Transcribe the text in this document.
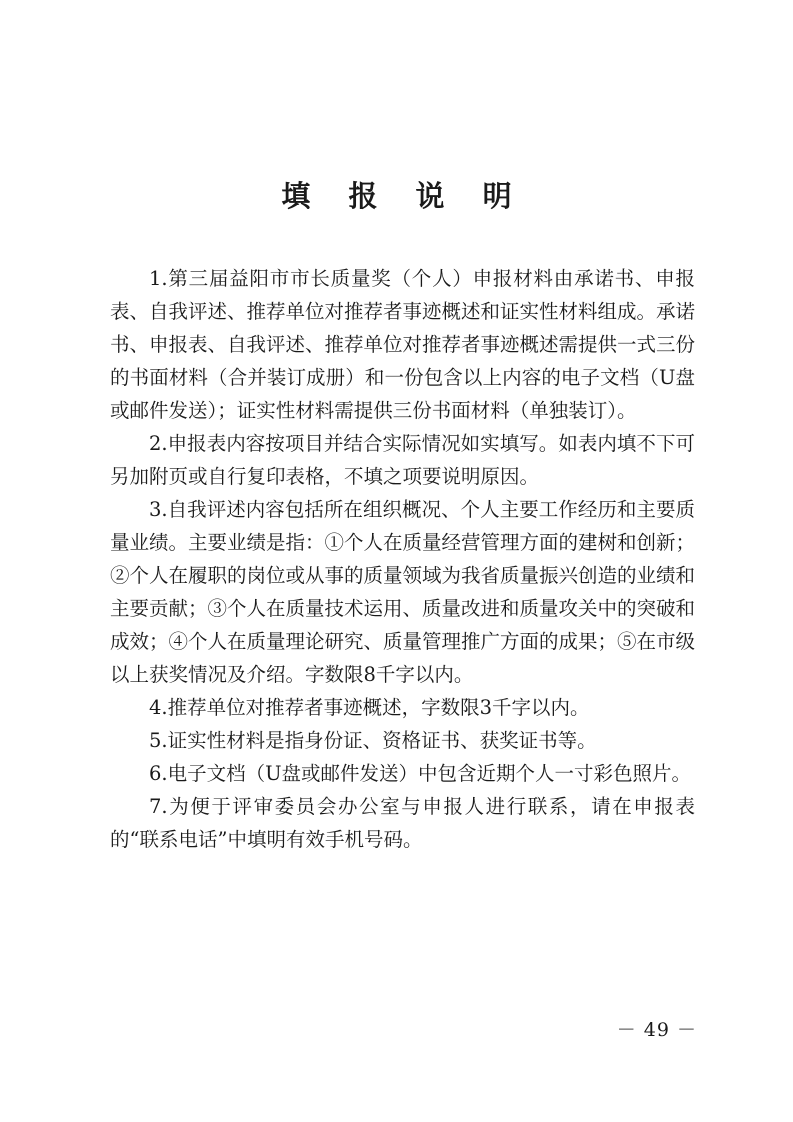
填 报 说 明

1.第三届益阳市市长质量奖（个人）申报材料由承诺书、申报表、自我评述、推荐单位对推荐者事迹概述和证实性材料组成。承诺书、申报表、自我评述、推荐单位对推荐者事迹概述需提供一式三份的书面材料（合并装订成册）和一份包含以上内容的电子文档（U盘或邮件发送）；证实性材料需提供三份书面材料（单独装订）。

2.申报表内容按项目并结合实际情况如实填写。如表内填不下可另加附页或自行复印表格，不填之项要说明原因。

3.自我评述内容包括所在组织概况、个人主要工作经历和主要质量业绩。主要业绩是指：①个人在质量经营管理方面的建树和创新；②个人在履职的岗位或从事的质量领域为我省质量振兴创造的业绩和主要贡献；③个人在质量技术运用、质量改进和质量攻关中的突破和成效；④个人在质量理论研究、质量管理推广方面的成果；⑤在市级以上获奖情况及介绍。字数限8千字以内。

4.推荐单位对推荐者事迹概述，字数限3千字以内。

5.证实性材料是指身份证、资格证书、获奖证书等。

6.电子文档（U盘或邮件发送）中包含近期个人一寸彩色照片。

7.为便于评审委员会办公室与申报人进行联系，请在申报表的“联系电话”中填明有效手机号码。

－ 49 －
